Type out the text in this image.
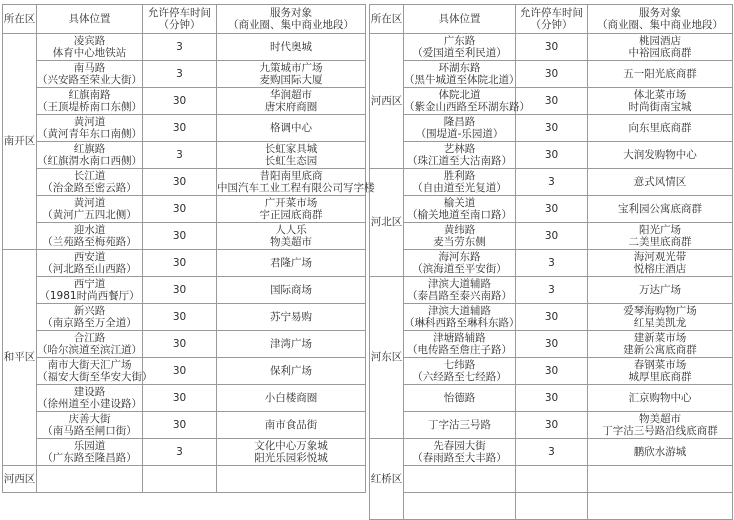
所在区	具体位置	允许停车时间
（分钟）	服务对象
（商业圈、集中商业地段）

南开区	凌宾路
体育中心地铁站	3	时代奥城

	南马路
（兴安路至荣业大街）	3	九策城市广场
麦购国际大厦

	红旗南路
（王顶堤桥南口东侧）	30	华润超市
唐宋府商圈

	黄河道
（黄河青年东口南侧）	30	格调中心

	红旗路
（红旗渭水南口西侧）	3	长虹家具城
长虹生态园

	长江道
（治金路至密云路）	30	昔阳南里底商
中国汽车工业工程有限公司写字楼

	黄河道
（黄河广五四北侧）	30	广开菜市场
宇正园底商群

	迎水道
（兰苑路至梅苑路）	30	人人乐
物美超市

和平区	西安道
（河北路至山西路）	30	君隆广场

	西宁道
（1981时尚西餐厅）	30	国际商场

	新兴路
（南京路至万全道）	30	苏宁易购

	合江路
（哈尔滨道至滨江道）	30	津湾广场

	南市大街天汇广场
（福安大街至华安大街）	30	保利广场

	建设路
（徐州道至小建设路）	30	小白楼商圈

	庆善大街
（南马路至闸口街）	30	南市食品街

	乐园道
（广东路至隆昌路）	3	文化中心万象城
阳光乐园彩悦城

河西区	

所在区	具体位置	允许停车时间
（分钟）	服务对象
（商业圈、集中商业地段）

河西区	广东路
（爱国道至利民道）	30	桃园酒店
中裕园底商群

	环湖东路
（黑牛城道至体院北道）	30	五一阳光底商群

	体院北道
（紫金山西路至环湖东路）	30	体北菜市场
时尚街南宝城

	隆昌路
（围堤道-乐园道）	30	向东里底商群

	艺林路
（珠江道至大沽南路）	30	大润发购物中心

河北区	胜利路
（自由道至光复道）	3	意式风情区

	榆关道
（榆关地道至南口路）	30	宝利园公寓底商群

	黄纬路
麦当劳东侧	30	阳光广场
二美里底商群

	海河东路
（滨海道至平安街）	3	海河观光带
悦榕庄酒店

河东区	津滨大道辅路
（泰昌路至泰兴南路）	3	万达广场

	津滨大道辅路
（琳科西路至琳科东路）	30	爱琴海购物广场
红星美凯龙

	津塘路辅路
（电传路至詹庄子路）	30	建新菜市场
建新公寓底商群

	七纬路
（六经路至七经路）	30	春钢菜市场
城厚里底商群

	怡德路	30	汇京购物中心

	丁字沽三号路	30	物美超市
丁字沽三号路沿线底商群

红桥区	先春园大街
（春雨路至大丰路）	3	鹏欣水游城
